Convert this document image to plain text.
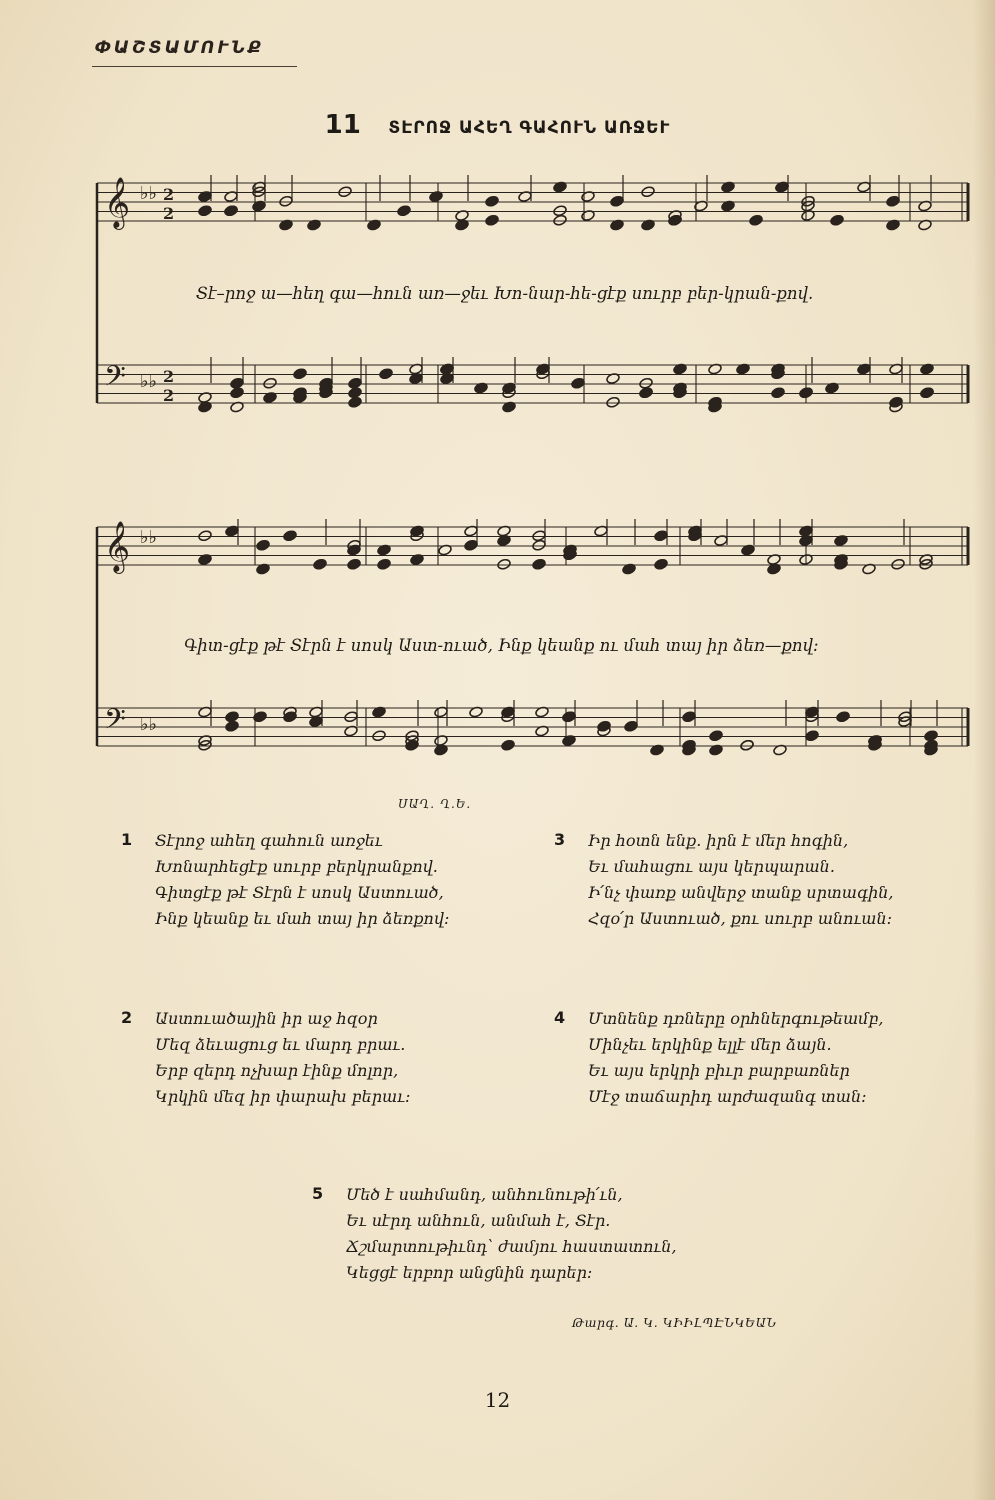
ՓԱՇՏԱՄՈՒՆՔ
11 ՏԷՐՈՋ ԱՀԵՂ ԳԱՀՈՒՆ ԱՌՋԵՒ
𝄞 ♭♭ 2
2
𝄢 ♭♭ 2
2
𝄞 ♭♭
𝄢 ♭♭
Տէ–րոջ ա—հեղ գա—հուն առ—ջեւ Խո-նար-հե-ցէք սուրբ բեր-կրան-քով.
Գիտ-ցէք թէ Տէրն է սոսկ Աստ-ուած, Ինք կեանք ու մահ տայ իր ձեռ—քով։
ՍԱՂ. Ղ.Ե.
1 Տէրոջ ահեղ գահուն առջեւ
Խոնարհեցէք սուրբ բերկրանքով.
Գիտցէք թէ Տէրն է սոսկ Աստուած,
Ինք կեանք եւ մահ տայ իր ձեռքով։
2 Աստուածային իր աջ հզօր
Մեզ ձեւացուց եւ մարդ բրաւ.
Երբ զերդ ոչխար էինք մոլոր,
Կրկին մեզ իր փարախ բերաւ։
3 Իր հօտն ենք. իրն է մեր հոգին,
Եւ մահացու այս կերպարան.
Ի՛նչ փառք անվերջ տանք սրտագին,
Հզօ՛ր Աստուած, քու սուրբ անուան։
4 Մտնենք դռները օրհներգութեամբ,
Մինչեւ երկինք ելլէ մեր ձայն.
Եւ այս երկրի բիւր բարբառներ
Մէջ տաճարիդ արժազանգ տան։
5 Մեծ է սահմանդ, անհունութի՛ւն,
Եւ սէրդ անհուն, անմահ է, Տէր.
Ճշմարտութիւնդ՝ ժամյու հաստատուն,
Կեցցէ երբոր անցնին դարեր։
Թարգ. Ա. Կ. ԿԻԻԼՊԷՆԿԵԱՆ
12
